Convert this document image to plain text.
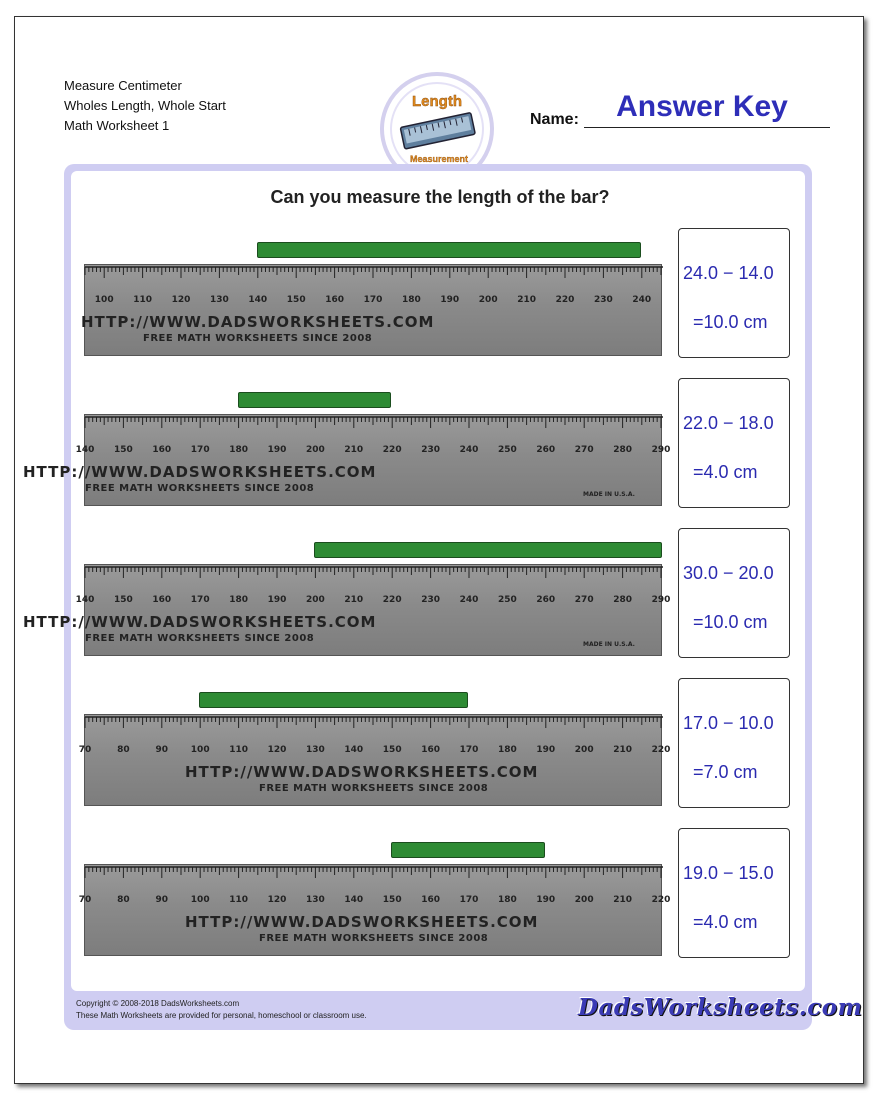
Measure Centimeter
Wholes Length, Whole Start
Math Worksheet 1
Length
Measurement
Name:	Answer Key
Can you measure the length of the bar?
100 110 120 130 140 150 160 170 180 190 200 210 220 230 240
HTTP://WWW.DADSWORKSHEETS.COM
FREE MATH WORKSHEETS SINCE 2008
24.0 − 14.0
=10.0 cm
140 150 160 170 180 190 200 210 220 230 240 250 260 270 280 290
HTTP://WWW.DADSWORKSHEETS.COM
FREE MATH WORKSHEETS SINCE 2008
MADE IN U.S.A.
22.0 − 18.0
=4.0 cm
140 150 160 170 180 190 200 210 220 230 240 250 260 270 280 290
HTTP://WWW.DADSWORKSHEETS.COM
FREE MATH WORKSHEETS SINCE 2008
MADE IN U.S.A.
30.0 − 20.0
=10.0 cm
70	80	90	100 110 120 130 140 150 160 170 180 190 200 210 220
HTTP://WWW.DADSWORKSHEETS.COM
FREE MATH WORKSHEETS SINCE 2008
17.0 − 10.0
=7.0 cm
70	80	90	100 110 120 130 140 150 160 170 180 190 200 210 220
HTTP://WWW.DADSWORKSHEETS.COM
FREE MATH WORKSHEETS SINCE 2008
19.0 − 15.0
=4.0 cm
Copyright © 2008-2018 DadsWorksheets.com
These Math Worksheets are provided for personal, homeschool or classroom use.	DadsWorksheets.com
